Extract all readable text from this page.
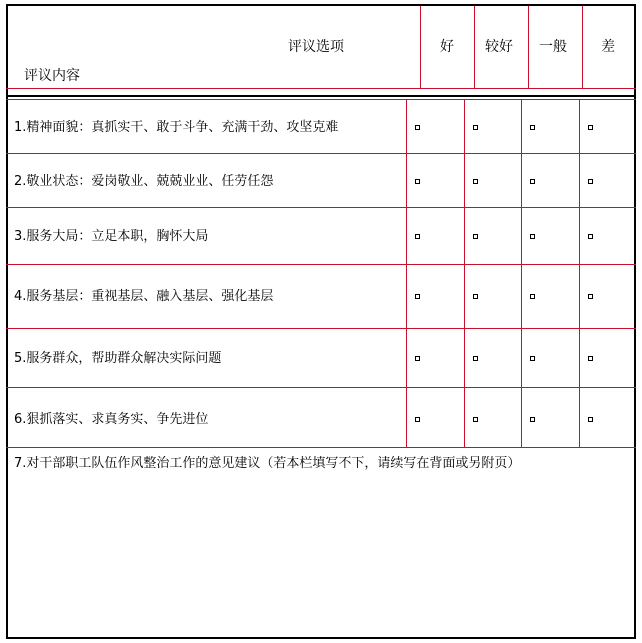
评议选项
评议内容
好 较好 一般 差
1.精神面貌：真抓实干、敢于斗争、充满干劲、攻坚克难
2.敬业状态：爱岗敬业、兢兢业业、任劳任怨
3.服务大局：立足本职，胸怀大局
4.服务基层：重视基层、融入基层、强化基层
5.服务群众，帮助群众解决实际问题
6.狠抓落实、求真务实、争先进位
7.对干部职工队伍作风整治工作的意见建议（若本栏填写不下，请续写在背面或另附页）
